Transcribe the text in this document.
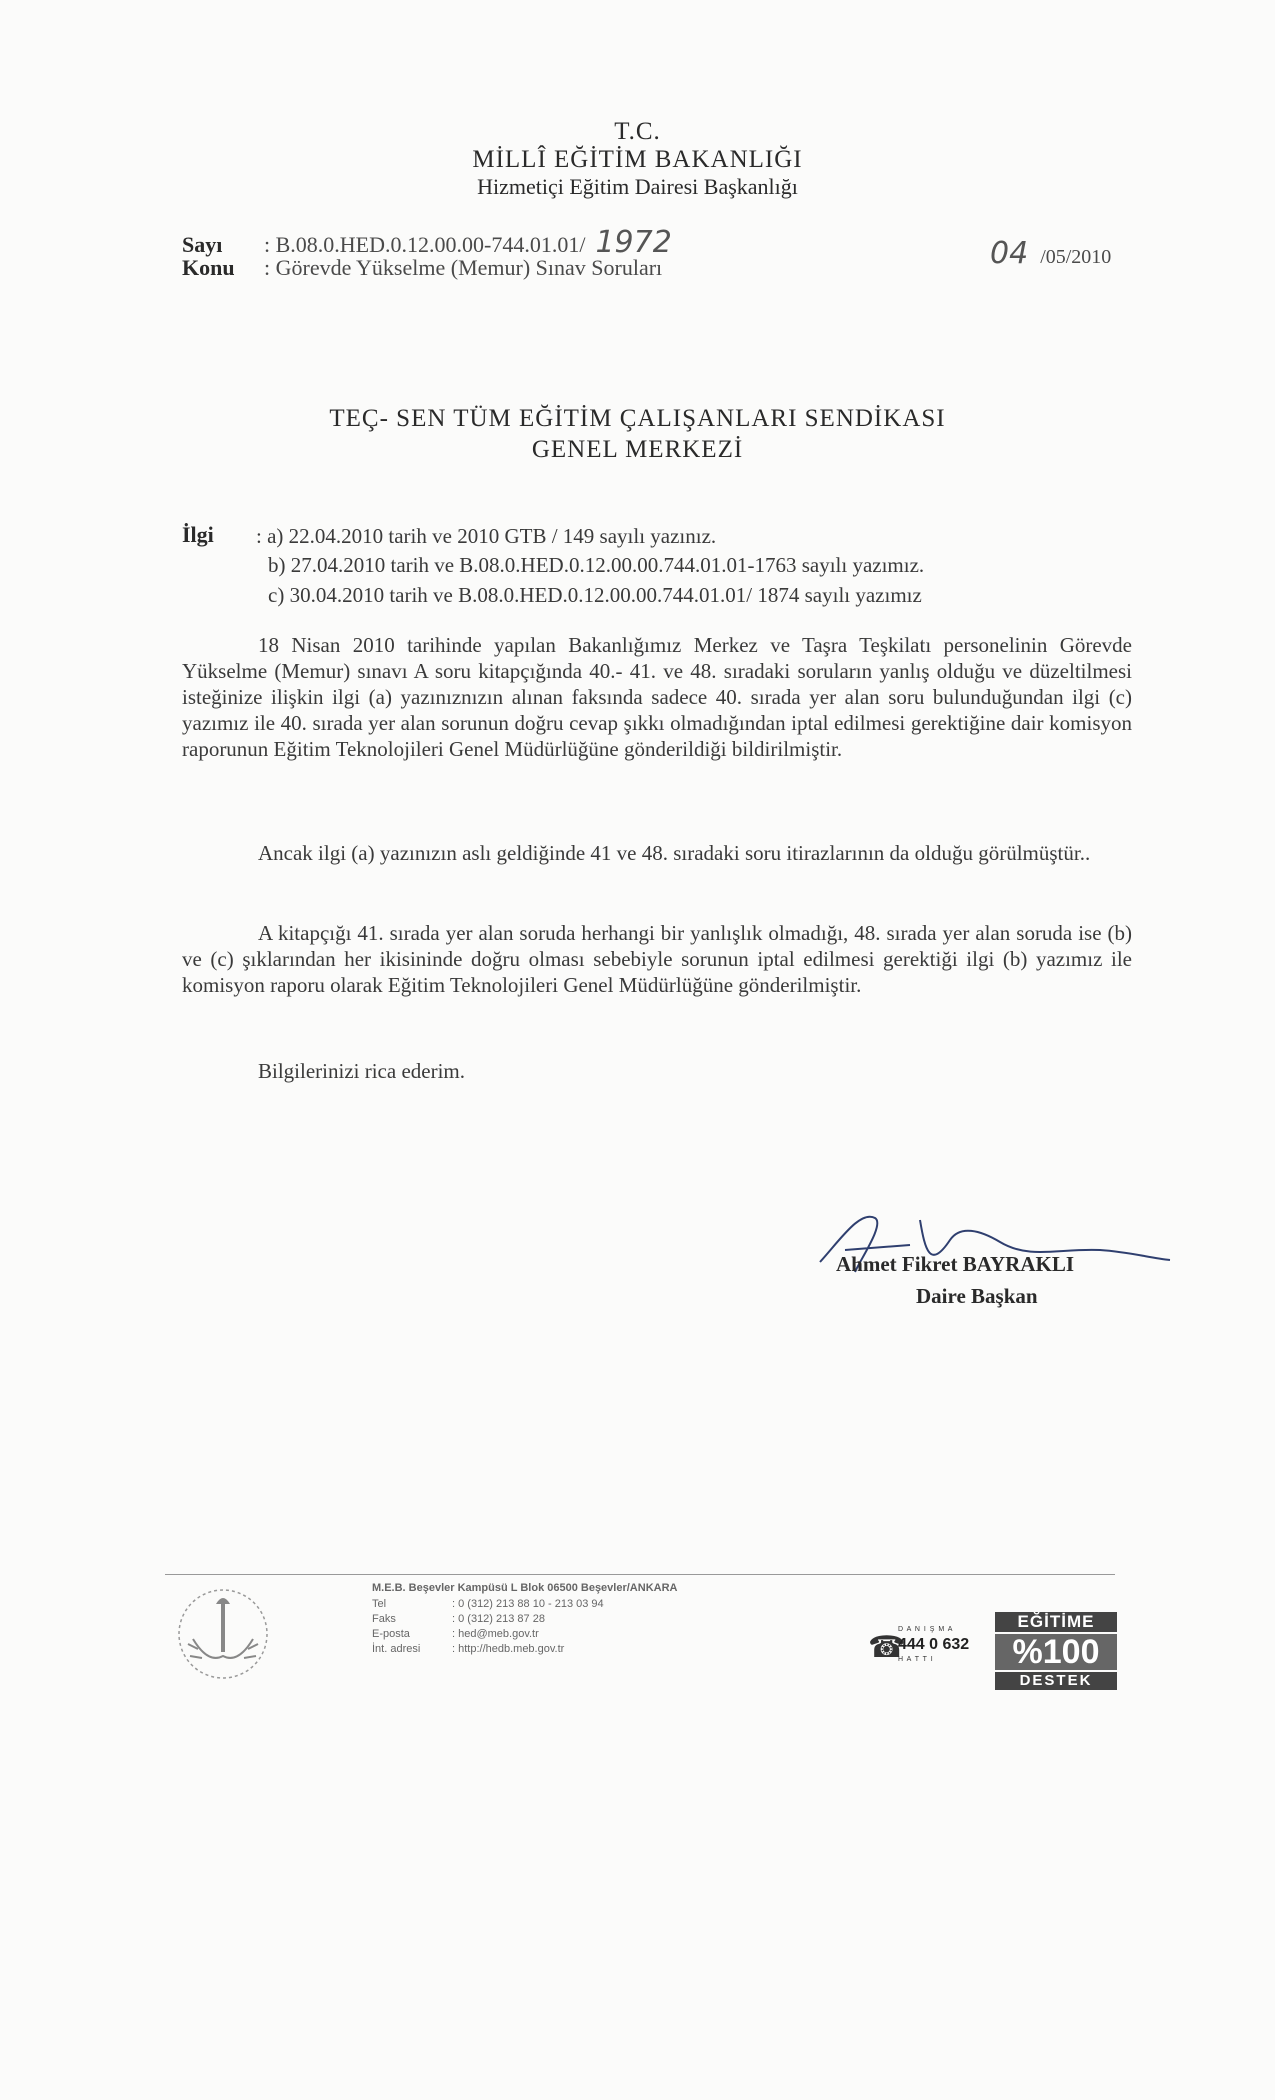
T.C.
MİLLÎ EĞİTİM BAKANLIĞI
Hizmetiçi Eğitim Dairesi Başkanlığı
Sayı : B.08.0.HED.0.12.00.00-744.01.01/ 1972
Konu : Görevde Yükselme (Memur) Sınav Soruları	04 /05/2010
TEÇ- SEN TÜM EĞİTİM ÇALIŞANLARI SENDİKASI
GENEL MERKEZİ
İlgi : a) 22.04.2010 tarih ve 2010 GTB / 149 sayılı yazınız.
b) 27.04.2010 tarih ve B.08.0.HED.0.12.00.00.744.01.01-1763 sayılı yazımız.
c) 30.04.2010 tarih ve B.08.0.HED.0.12.00.00.744.01.01/ 1874 sayılı yazımız

18 Nisan 2010 tarihinde yapılan Bakanlığımız Merkez ve Taşra Teşkilatı personelinin Görevde Yükselme (Memur) sınavı A soru kitapçığında 40.- 41. ve 48. sıradaki soruların yanlış olduğu ve düzeltilmesi isteğinize ilişkin ilgi (a) yazınıznızın alınan faksında sadece 40. sırada yer alan soru bulunduğundan ilgi (c) yazımız ile 40. sırada yer alan sorunun doğru cevap şıkkı olmadığından iptal edilmesi gerektiğine dair komisyon raporunun Eğitim Teknolojileri Genel Müdürlüğüne gönderildiği bildirilmiştir.

Ancak ilgi (a) yazınızın aslı geldiğinde 41 ve 48. sıradaki soru itirazlarının da olduğu görülmüştür..

A kitapçığı 41. sırada yer alan soruda herhangi bir yanlışlık olmadığı, 48. sırada yer alan soruda ise (b) ve (c) şıklarından her ikisininde doğru olması sebebiyle sorunun iptal edilmesi gerektiği ilgi (b) yazımız ile komisyon raporu olarak Eğitim Teknolojileri Genel Müdürlüğüne gönderilmiştir.

Bilgilerinizi rica ederim.

Ahmet Fikret BAYRAKLI
Daire Başkan
M.E.B. Beşevler Kampüsü L Blok 06500 Beşevler/ANKARA
Tel	: 0 (312) 213 88 10 - 213 03 94
Faks	: 0 (312) 213 87 28
E-posta	: hed@meb.gov.tr
İnt. adresi	: http://hedb.meb.gov.tr	☎
D A N I Ş M A
444 0 632
H A T T I
EĞİTİME
%100
DESTEK
